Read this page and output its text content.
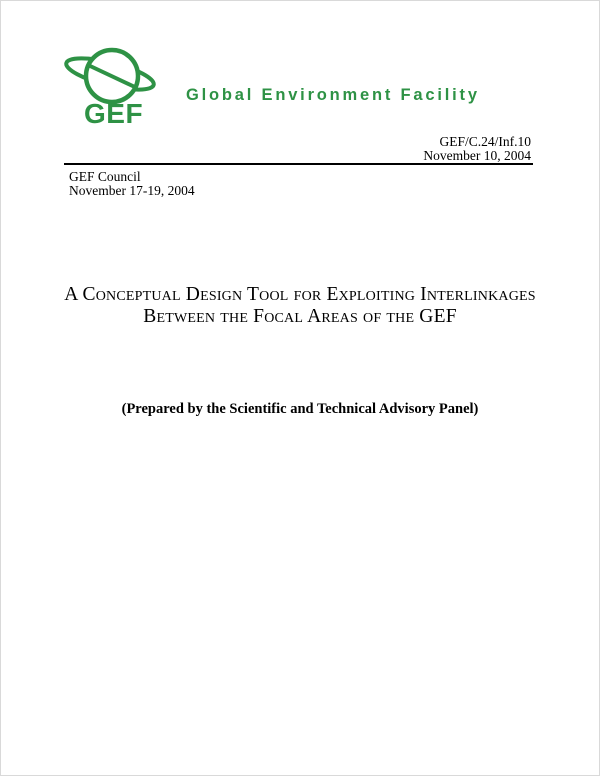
GEF
Global Environment Facility
GEF/C.24/Inf.10
November 10, 2004
GEF Council
November 17-19, 2004
A Conceptual Design Tool for Exploiting Interlinkages
Between the Focal Areas of the GEF
(Prepared by the Scientific and Technical Advisory Panel)
